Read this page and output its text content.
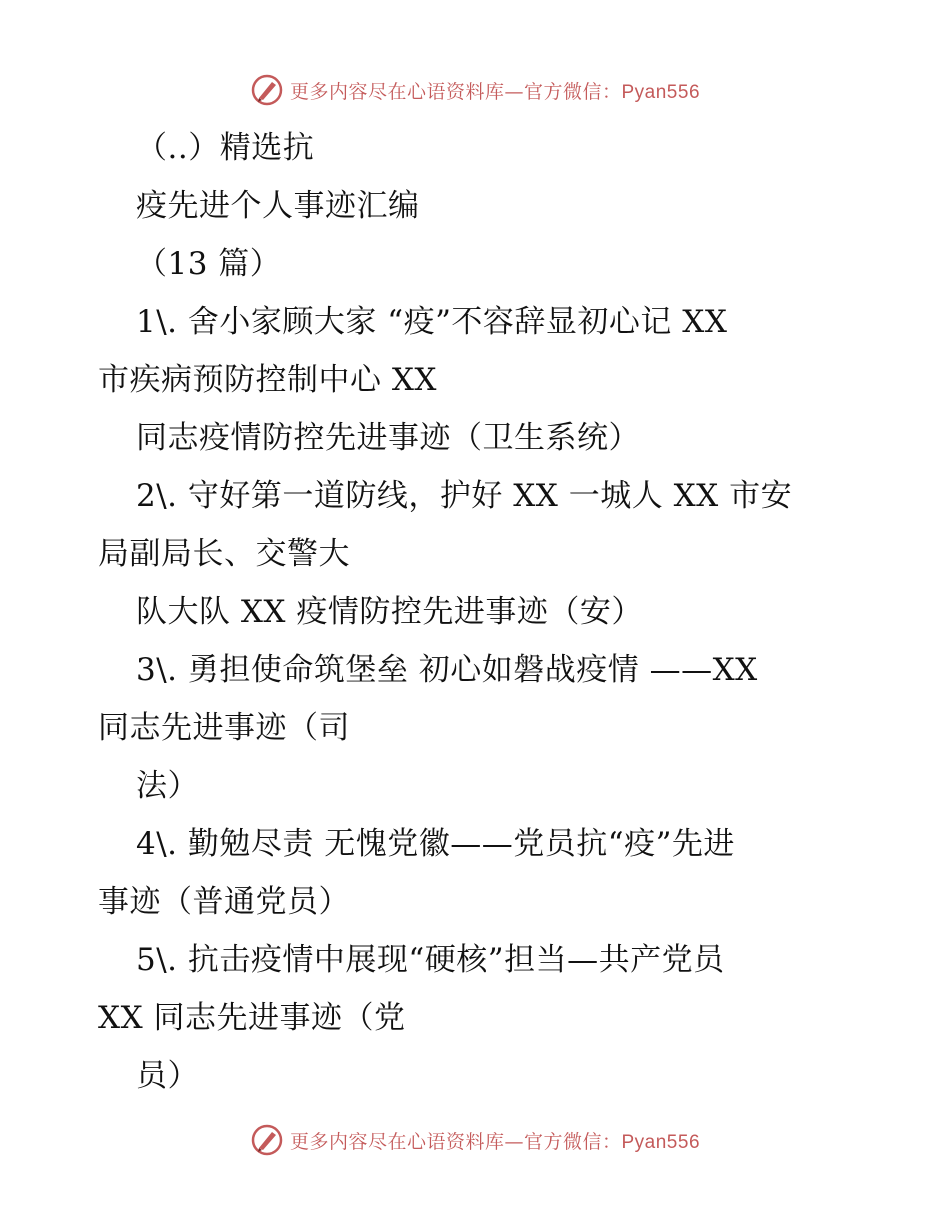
更多内容尽在心语资料库—官方微信：Pyan556
（..）精选抗
疫先进个人事迹汇编
（13 篇）
1\. 舍小家顾大家 “疫”不容辞显初心记 XX
市疾病预防控制中心 XX
同志疫情防控先进事迹（卫生系统）
2\. 守好第一道防线，护好 XX 一城人 XX 市安
局副局长、交警大
队大队 XX 疫情防控先进事迹（安）
3\. 勇担使命筑堡垒 初心如磐战疫情 ——XX
同志先进事迹（司
法）
4\. 勤勉尽责 无愧党徽——党员抗“疫”先进
事迹（普通党员）
5\. 抗击疫情中展现“硬核”担当—共产党员
XX 同志先进事迹（党
员）
更多内容尽在心语资料库—官方微信：Pyan556
